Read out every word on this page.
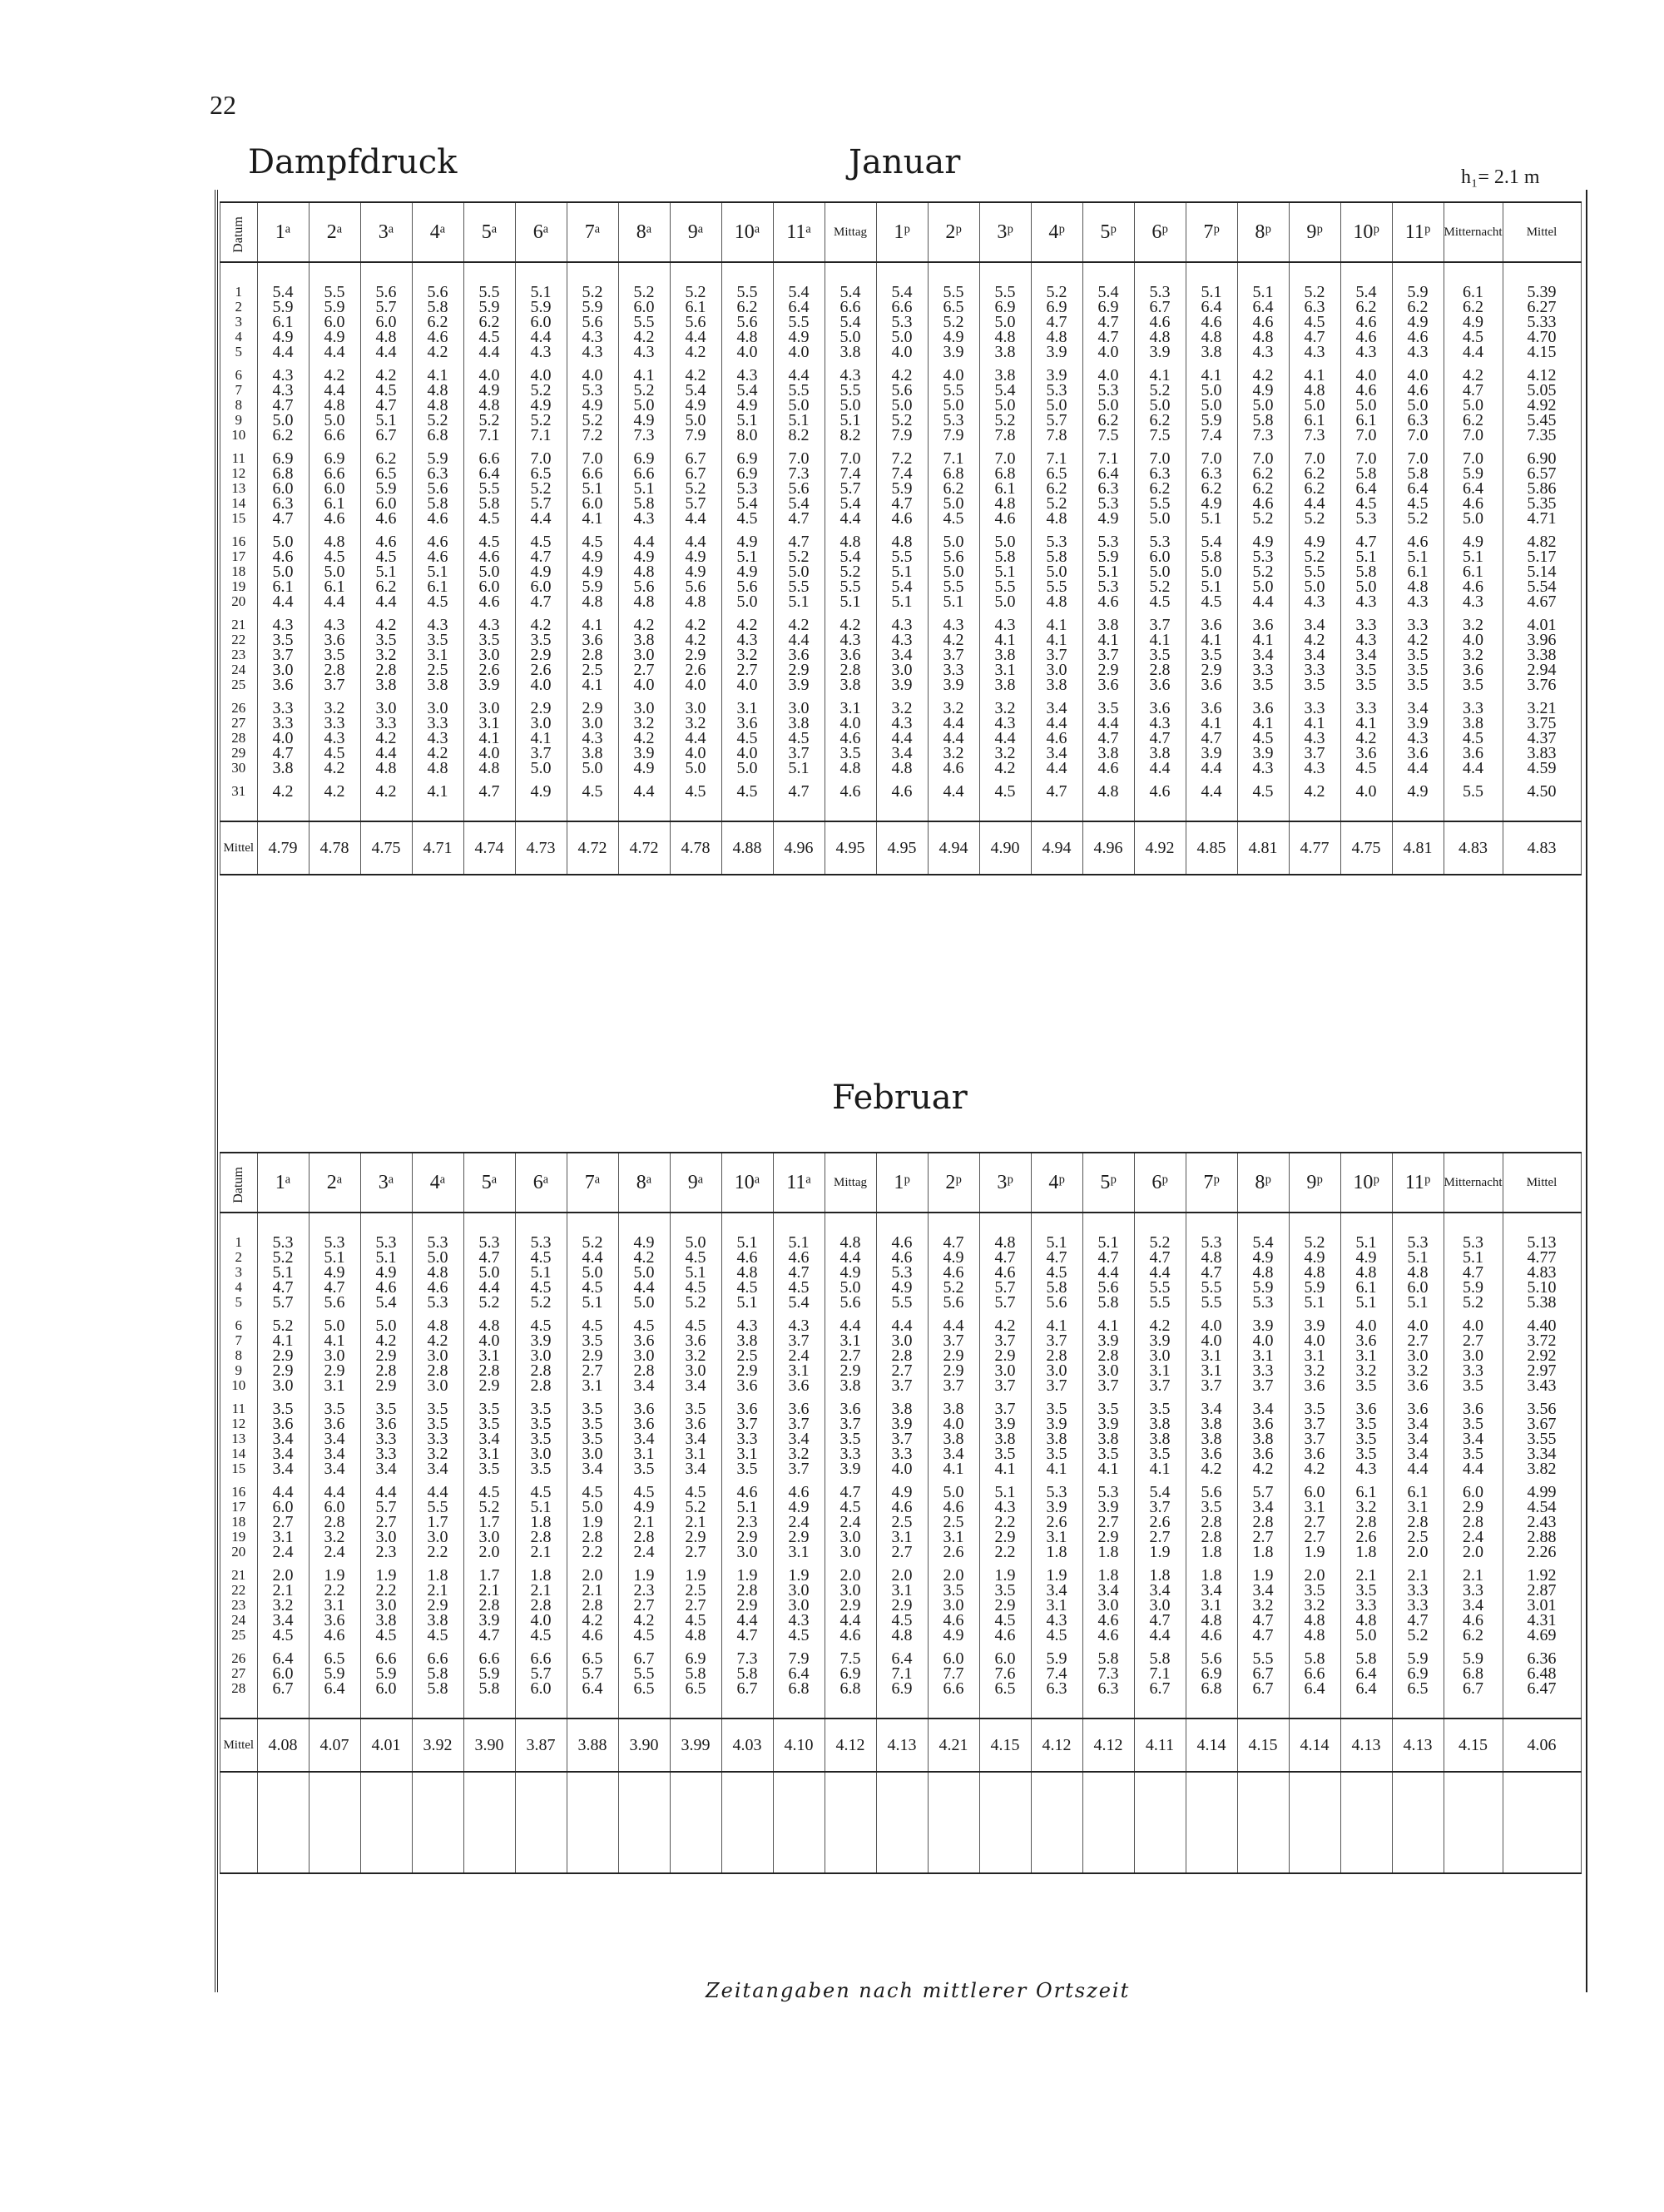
22
Dampfdruck	Januar	h₁= 2.1 m
Datum	1ᵃ	2ᵃ	3ᵃ	4ᵃ	5ᵃ	6ᵃ	7ᵃ	8ᵃ	9ᵃ	10ᵃ	11ᵃ	Mittag	1ᵖ	2ᵖ	3ᵖ	4ᵖ	5ᵖ	6ᵖ	7ᵖ	8ᵖ	9ᵖ	10ᵖ	11ᵖ	Mitternacht	Mittel

1	5.4	5.5	5.6	5.6	5.5	5.1	5.2	5.2	5.2	5.5	5.4	5.4	5.4	5.5	5.5	5.2	5.4	5.3	5.1	5.1	5.2	5.4	5.9	6.1	5.39
2	5.9	5.9	5.7	5.8	5.9	5.9	5.9	6.0	6.1	6.2	6.4	6.6	6.6	6.5	6.9	6.9	6.9	6.7	6.4	6.4	6.3	6.2	6.2	6.2	6.27
3	6.1	6.0	6.0	6.2	6.2	6.0	5.6	5.5	5.6	5.6	5.5	5.4	5.3	5.2	5.0	4.7	4.7	4.6	4.6	4.6	4.5	4.6	4.9	4.9	5.33
4	4.9	4.9	4.8	4.6	4.5	4.4	4.3	4.2	4.4	4.8	4.9	5.0	5.0	4.9	4.8	4.8	4.7	4.8	4.8	4.8	4.7	4.6	4.6	4.5	4.70
5	4.4	4.4	4.4	4.2	4.4	4.3	4.3	4.3	4.2	4.0	4.0	3.8	4.0	3.9	3.8	3.9	4.0	3.9	3.8	4.3	4.3	4.3	4.3	4.4	4.15
6	4.3	4.2	4.2	4.1	4.0	4.0	4.0	4.1	4.2	4.3	4.4	4.3	4.2	4.0	3.8	3.9	4.0	4.1	4.1	4.2	4.1	4.0	4.0	4.2	4.12
7	4.3	4.4	4.5	4.8	4.9	5.2	5.3	5.2	5.4	5.4	5.5	5.5	5.6	5.5	5.4	5.3	5.3	5.2	5.0	4.9	4.8	4.6	4.6	4.7	5.05
8	4.7	4.8	4.7	4.8	4.8	4.9	4.9	5.0	4.9	4.9	5.0	5.0	5.0	5.0	5.0	5.0	5.0	5.0	5.0	5.0	5.0	5.0	5.0	5.0	4.92
9	5.0	5.0	5.1	5.2	5.2	5.2	5.2	4.9	5.0	5.1	5.1	5.1	5.2	5.3	5.2	5.7	6.2	6.2	5.9	5.8	6.1	6.1	6.3	6.2	5.45
10	6.2	6.6	6.7	6.8	7.1	7.1	7.2	7.3	7.9	8.0	8.2	8.2	7.9	7.9	7.8	7.8	7.5	7.5	7.4	7.3	7.3	7.0	7.0	7.0	7.35
11	6.9	6.9	6.2	5.9	6.6	7.0	7.0	6.9	6.7	6.9	7.0	7.0	7.2	7.1	7.0	7.1	7.1	7.0	7.0	7.0	7.0	7.0	7.0	7.0	6.90
12	6.8	6.6	6.5	6.3	6.4	6.5	6.6	6.6	6.7	6.9	7.3	7.4	7.4	6.8	6.8	6.5	6.4	6.3	6.3	6.2	6.2	5.8	5.8	5.9	6.57
13	6.0	6.0	5.9	5.6	5.5	5.2	5.1	5.1	5.2	5.3	5.6	5.7	5.9	6.2	6.1	6.2	6.3	6.2	6.2	6.2	6.2	6.4	6.4	6.4	5.86
14	6.3	6.1	6.0	5.8	5.8	5.7	6.0	5.8	5.7	5.4	5.4	5.4	4.7	5.0	4.8	5.2	5.3	5.5	4.9	4.6	4.4	4.5	4.5	4.6	5.35
15	4.7	4.6	4.6	4.6	4.5	4.4	4.1	4.3	4.4	4.5	4.7	4.4	4.6	4.5	4.6	4.8	4.9	5.0	5.1	5.2	5.2	5.3	5.2	5.0	4.71
16	5.0	4.8	4.6	4.6	4.5	4.5	4.5	4.4	4.4	4.9	4.7	4.8	4.8	5.0	5.0	5.3	5.3	5.3	5.4	4.9	4.9	4.7	4.6	4.9	4.82
17	4.6	4.5	4.5	4.6	4.6	4.7	4.9	4.9	4.9	5.1	5.2	5.4	5.5	5.6	5.8	5.8	5.9	6.0	5.8	5.3	5.2	5.1	5.1	5.1	5.17
18	5.0	5.0	5.1	5.1	5.0	4.9	4.9	4.8	4.9	4.9	5.0	5.2	5.1	5.0	5.1	5.0	5.1	5.0	5.0	5.2	5.5	5.8	6.1	6.1	5.14
19	6.1	6.1	6.2	6.1	6.0	6.0	5.9	5.6	5.6	5.6	5.5	5.5	5.4	5.5	5.5	5.5	5.3	5.2	5.1	5.0	5.0	5.0	4.8	4.6	5.54
20	4.4	4.4	4.4	4.5	4.6	4.7	4.8	4.8	4.8	5.0	5.1	5.1	5.1	5.1	5.0	4.8	4.6	4.5	4.5	4.4	4.3	4.3	4.3	4.3	4.67
21	4.3	4.3	4.2	4.3	4.3	4.2	4.1	4.2	4.2	4.2	4.2	4.2	4.3	4.3	4.3	4.1	3.8	3.7	3.6	3.6	3.4	3.3	3.3	3.2	4.01
22	3.5	3.6	3.5	3.5	3.5	3.5	3.6	3.8	4.2	4.3	4.4	4.3	4.3	4.2	4.1	4.1	4.1	4.1	4.1	4.1	4.2	4.3	4.2	4.0	3.96
23	3.7	3.5	3.2	3.1	3.0	2.9	2.8	3.0	2.9	3.2	3.6	3.6	3.4	3.7	3.8	3.7	3.7	3.5	3.5	3.4	3.4	3.4	3.5	3.2	3.38
24	3.0	2.8	2.8	2.5	2.6	2.6	2.5	2.7	2.6	2.7	2.9	2.8	3.0	3.3	3.1	3.0	2.9	2.8	2.9	3.3	3.3	3.5	3.5	3.6	2.94
25	3.6	3.7	3.8	3.8	3.9	4.0	4.1	4.0	4.0	4.0	3.9	3.8	3.9	3.9	3.8	3.8	3.6	3.6	3.6	3.5	3.5	3.5	3.5	3.5	3.76
26	3.3	3.2	3.0	3.0	3.0	2.9	2.9	3.0	3.0	3.1	3.0	3.1	3.2	3.2	3.2	3.4	3.5	3.6	3.6	3.6	3.3	3.3	3.4	3.3	3.21
27	3.3	3.3	3.3	3.3	3.1	3.0	3.0	3.2	3.2	3.6	3.8	4.0	4.3	4.4	4.3	4.4	4.4	4.3	4.1	4.1	4.1	4.1	3.9	3.8	3.75
28	4.0	4.3	4.2	4.3	4.1	4.1	4.3	4.2	4.4	4.5	4.5	4.6	4.4	4.4	4.4	4.6	4.7	4.7	4.7	4.5	4.3	4.2	4.3	4.5	4.37
29	4.7	4.5	4.4	4.2	4.0	3.7	3.8	3.9	4.0	4.0	3.7	3.5	3.4	3.2	3.2	3.4	3.8	3.8	3.9	3.9	3.7	3.6	3.6	3.6	3.83
30	3.8	4.2	4.8	4.8	4.8	5.0	5.0	4.9	5.0	5.0	5.1	4.8	4.8	4.6	4.2	4.4	4.6	4.4	4.4	4.3	4.3	4.5	4.4	4.4	4.59
31	4.2	4.2	4.2	4.1	4.7	4.9	4.5	4.4	4.5	4.5	4.7	4.6	4.6	4.4	4.5	4.7	4.8	4.6	4.4	4.5	4.2	4.0	4.9	5.5	4.50

Mittel	4.79	4.78	4.75	4.71	4.74	4.73	4.72	4.72	4.78	4.88	4.96	4.95	4.95	4.94	4.90	4.94	4.96	4.92	4.85	4.81	4.77	4.75	4.81	4.83	4.83
Februar
Datum	1ᵃ	2ᵃ	3ᵃ	4ᵃ	5ᵃ	6ᵃ	7ᵃ	8ᵃ	9ᵃ	10ᵃ	11ᵃ	Mittag	1ᵖ	2ᵖ	3ᵖ	4ᵖ	5ᵖ	6ᵖ	7ᵖ	8ᵖ	9ᵖ	10ᵖ	11ᵖ	Mitternacht	Mittel

1	5.3	5.3	5.3	5.3	5.3	5.3	5.2	4.9	5.0	5.1	5.1	4.8	4.6	4.7	4.8	5.1	5.1	5.2	5.3	5.4	5.2	5.1	5.3	5.3	5.13
2	5.2	5.1	5.1	5.0	4.7	4.5	4.4	4.2	4.5	4.6	4.6	4.4	4.6	4.9	4.7	4.7	4.7	4.7	4.8	4.9	4.9	4.9	5.1	5.1	4.77
3	5.1	4.9	4.9	4.8	5.0	5.1	5.0	5.0	5.1	4.8	4.7	4.9	5.3	4.6	4.6	4.5	4.4	4.4	4.7	4.8	4.8	4.8	4.8	4.7	4.83
4	4.7	4.7	4.6	4.6	4.4	4.5	4.5	4.4	4.5	4.5	4.5	5.0	4.9	5.2	5.7	5.8	5.6	5.5	5.5	5.9	5.9	6.1	6.0	5.9	5.10
5	5.7	5.6	5.4	5.3	5.2	5.2	5.1	5.0	5.2	5.1	5.4	5.6	5.5	5.6	5.7	5.6	5.8	5.5	5.5	5.3	5.1	5.1	5.1	5.2	5.38
6	5.2	5.0	5.0	4.8	4.8	4.5	4.5	4.5	4.5	4.3	4.3	4.4	4.4	4.4	4.2	4.1	4.1	4.2	4.0	3.9	3.9	4.0	4.0	4.0	4.40
7	4.1	4.1	4.2	4.2	4.0	3.9	3.5	3.6	3.6	3.8	3.7	3.1	3.0	3.7	3.7	3.7	3.9	3.9	4.0	4.0	4.0	3.6	2.7	2.7	3.72
8	2.9	3.0	2.9	3.0	3.1	3.0	2.9	3.0	3.2	2.5	2.4	2.7	2.8	2.9	2.9	2.8	2.8	3.0	3.1	3.1	3.1	3.1	3.0	3.0	2.92
9	2.9	2.9	2.8	2.8	2.8	2.8	2.7	2.8	3.0	2.9	3.1	2.9	2.7	2.9	3.0	3.0	3.0	3.1	3.1	3.3	3.2	3.2	3.2	3.3	2.97
10	3.0	3.1	2.9	3.0	2.9	2.8	3.1	3.4	3.4	3.6	3.6	3.8	3.7	3.7	3.7	3.7	3.7	3.7	3.7	3.7	3.6	3.5	3.6	3.5	3.43
11	3.5	3.5	3.5	3.5	3.5	3.5	3.5	3.6	3.5	3.6	3.6	3.6	3.8	3.8	3.7	3.5	3.5	3.5	3.4	3.4	3.5	3.6	3.6	3.6	3.56
12	3.6	3.6	3.6	3.5	3.5	3.5	3.5	3.6	3.6	3.7	3.7	3.7	3.9	4.0	3.9	3.9	3.9	3.8	3.8	3.6	3.7	3.5	3.4	3.5	3.67
13	3.4	3.4	3.3	3.3	3.4	3.5	3.5	3.4	3.4	3.3	3.4	3.5	3.7	3.8	3.8	3.8	3.8	3.8	3.8	3.8	3.7	3.5	3.4	3.4	3.55
14	3.4	3.4	3.3	3.2	3.1	3.0	3.0	3.1	3.1	3.1	3.2	3.3	3.3	3.4	3.5	3.5	3.5	3.5	3.6	3.6	3.6	3.5	3.4	3.5	3.34
15	3.4	3.4	3.4	3.4	3.5	3.5	3.4	3.5	3.4	3.5	3.7	3.9	4.0	4.1	4.1	4.1	4.1	4.1	4.2	4.2	4.2	4.3	4.4	4.4	3.82
16	4.4	4.4	4.4	4.4	4.5	4.5	4.5	4.5	4.5	4.6	4.6	4.7	4.9	5.0	5.1	5.3	5.3	5.4	5.6	5.7	6.0	6.1	6.1	6.0	4.99
17	6.0	6.0	5.7	5.5	5.2	5.1	5.0	4.9	5.2	5.1	4.9	4.5	4.6	4.6	4.3	3.9	3.9	3.7	3.5	3.4	3.1	3.2	3.1	2.9	4.54
18	2.7	2.8	2.7	1.7	1.7	1.8	1.9	2.1	2.1	2.3	2.4	2.4	2.5	2.5	2.2	2.6	2.7	2.6	2.8	2.8	2.7	2.8	2.8	2.8	2.43
19	3.1	3.2	3.0	3.0	3.0	2.8	2.8	2.8	2.9	2.9	2.9	3.0	3.1	3.1	2.9	3.1	2.9	2.7	2.8	2.7	2.7	2.6	2.5	2.4	2.88
20	2.4	2.4	2.3	2.2	2.0	2.1	2.2	2.4	2.7	3.0	3.1	3.0	2.7	2.6	2.2	1.8	1.8	1.9	1.8	1.8	1.9	1.8	2.0	2.0	2.26
21	2.0	1.9	1.9	1.8	1.7	1.8	2.0	1.9	1.9	1.9	1.9	2.0	2.0	2.0	1.9	1.9	1.8	1.8	1.8	1.9	2.0	2.1	2.1	2.1	1.92
22	2.1	2.2	2.2	2.1	2.1	2.1	2.1	2.3	2.5	2.8	3.0	3.0	3.1	3.5	3.5	3.4	3.4	3.4	3.4	3.4	3.5	3.5	3.3	3.3	2.87
23	3.2	3.1	3.0	2.9	2.8	2.8	2.8	2.7	2.7	2.9	3.0	2.9	2.9	3.0	2.9	3.1	3.0	3.0	3.1	3.2	3.2	3.3	3.3	3.4	3.01
24	3.4	3.6	3.8	3.8	3.9	4.0	4.2	4.2	4.5	4.4	4.3	4.4	4.5	4.6	4.5	4.3	4.6	4.7	4.8	4.7	4.8	4.8	4.7	4.6	4.31
25	4.5	4.6	4.5	4.5	4.7	4.5	4.6	4.5	4.8	4.7	4.5	4.6	4.8	4.9	4.6	4.5	4.6	4.4	4.6	4.7	4.8	5.0	5.2	6.2	4.69
26	6.4	6.5	6.6	6.6	6.6	6.6	6.5	6.7	6.9	7.3	7.9	7.5	6.4	6.0	6.0	5.9	5.8	5.8	5.6	5.5	5.8	5.8	5.9	5.9	6.36
27	6.0	5.9	5.9	5.8	5.9	5.7	5.7	5.5	5.8	5.8	6.4	6.9	7.1	7.7	7.6	7.4	7.3	7.1	6.9	6.7	6.6	6.4	6.9	6.8	6.48
28	6.7	6.4	6.0	5.8	5.8	6.0	6.4	6.5	6.5	6.7	6.8	6.8	6.9	6.6	6.5	6.3	6.3	6.7	6.8	6.7	6.4	6.4	6.5	6.7	6.47

Mittel	4.08	4.07	4.01	3.92	3.90	3.87	3.88	3.90	3.99	4.03	4.10	4.12	4.13	4.21	4.15	4.12	4.12	4.11	4.14	4.15	4.14	4.13	4.13	4.15	4.06

Zeitangaben nach mittlerer Ortszeit
